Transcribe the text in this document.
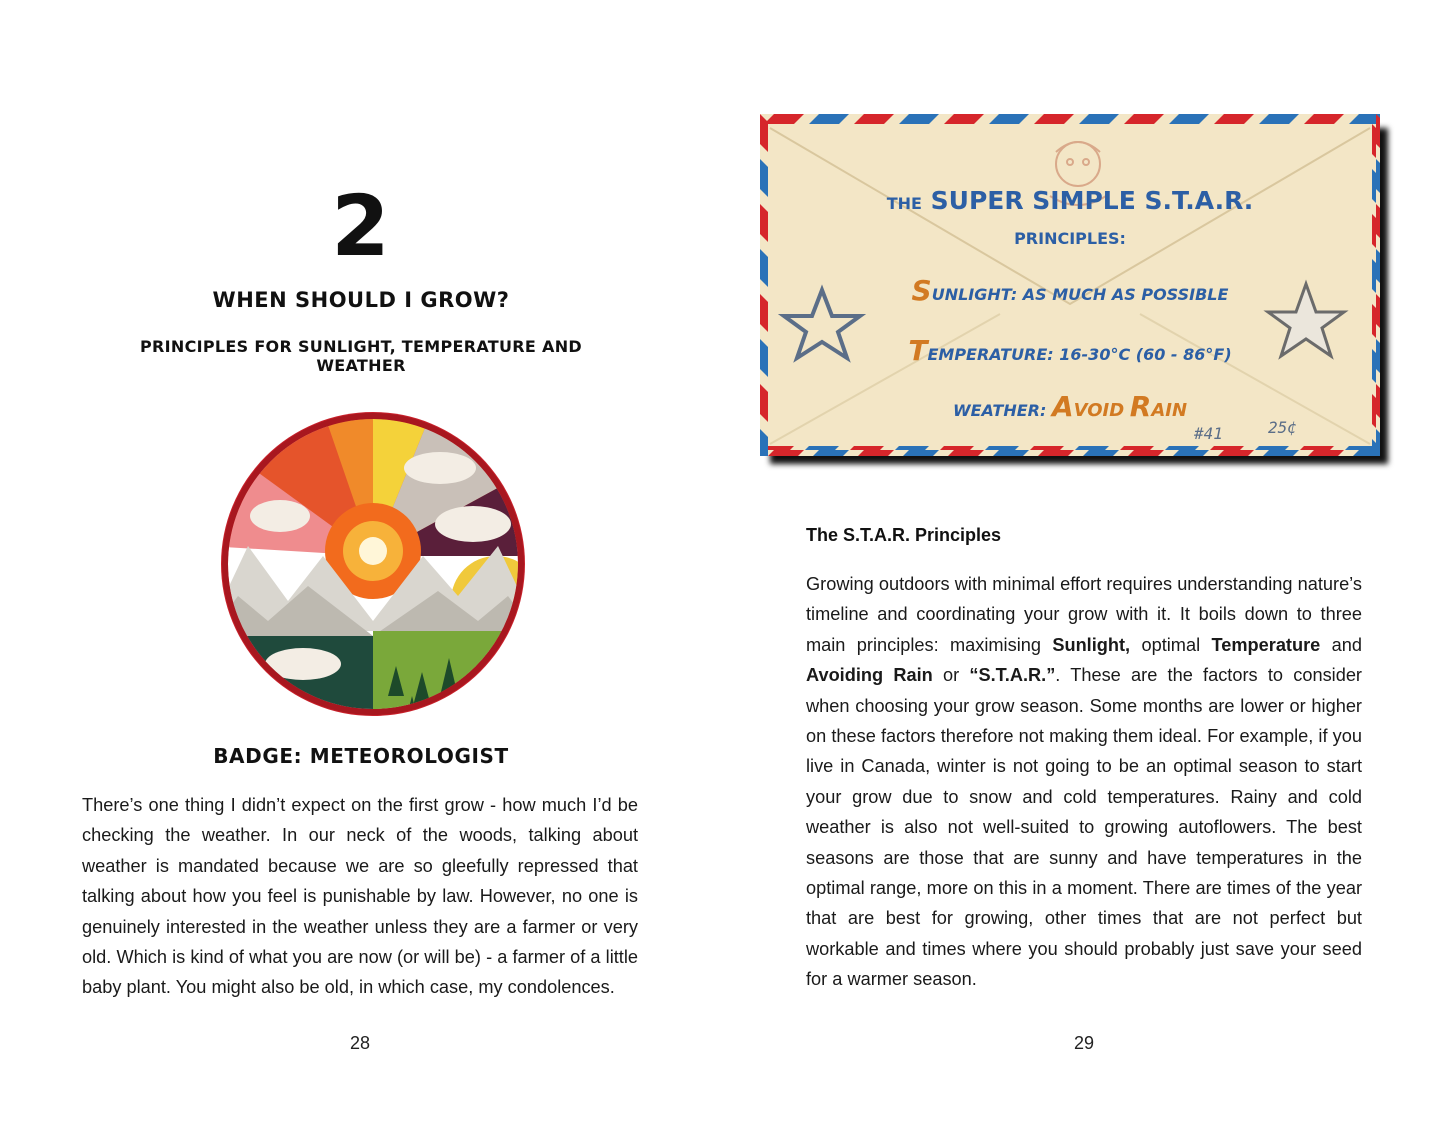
2
WHEN SHOULD I GROW?
PRINCIPLES FOR SUNLIGHT, TEMPERATURE AND WEATHER
BADGE: METEOROLOGIST

There’s one thing I didn’t expect on the first grow - how much I’d be checking the weather. In our neck of the woods, talking about weather is mandated because we are so gleefully repressed that talking about how you feel is punishable by law. However, no one is genuinely interested in the weather unless they are a farmer or very old. Which is kind of what you are now (or will be) - a farmer of a little baby plant. You might also be old, in which case, my condolences.

28
THE SUPER SIMPLE S.T.A.R.
PRINCIPLES:
SUNLIGHT: AS MUCH AS POSSIBLE
TEMPERATURE: 16-30°C (60 - 86°F)
WEATHER: AVOID RAIN
#41	25¢
The S.T.A.R. Principles

Growing outdoors with minimal effort requires understanding nature’s timeline and coordinating your grow with it. It boils down to three main principles: maximising Sunlight, optimal Temperature and Avoiding Rain or “S.T.A.R.”. These are the factors to consider when choosing your grow season. Some months are lower or higher on these factors therefore not making them ideal. For example, if you live in Canada, winter is not going to be an optimal season to start your grow due to snow and cold temperatures. Rainy and cold weather is also not well-suited to growing autoflowers. The best seasons are those that are sunny and have temperatures in the optimal range, more on this in a moment. There are times of the year that are best for growing, other times that are not perfect but workable and times where you should probably just save your seed for a warmer season.

29
